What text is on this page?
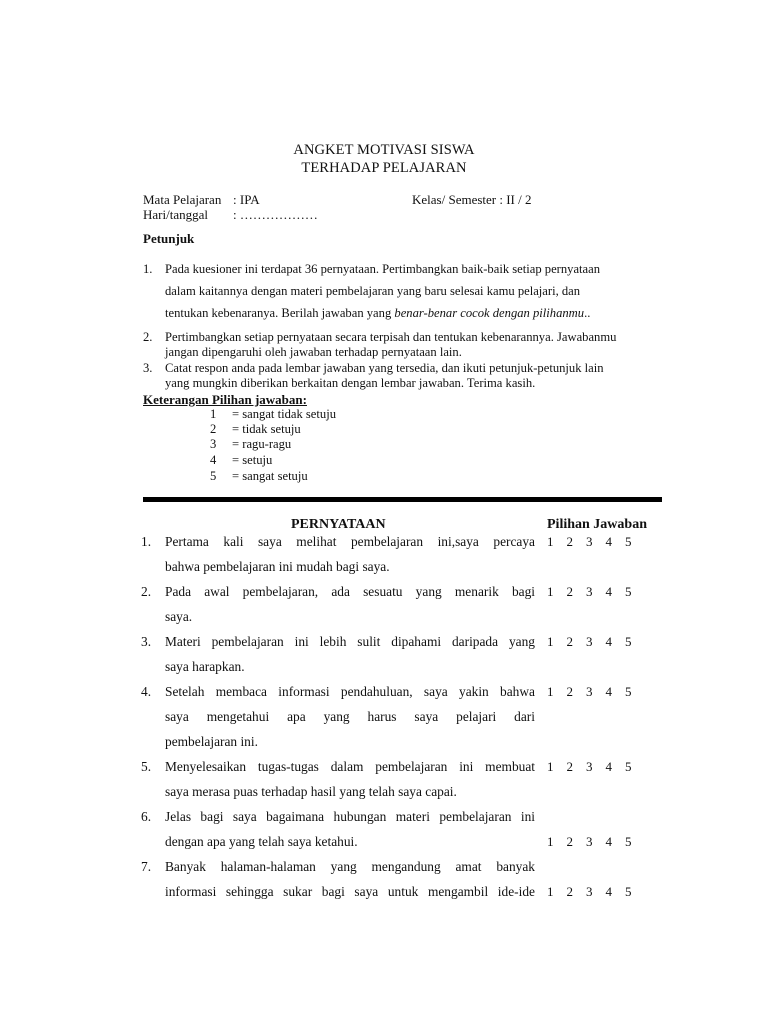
ANGKET MOTIVASI SISWA
TERHADAP PELAJARAN
Mata Pelajaran : IPA	Kelas/ Semester : II / 2
Hari/tanggal : ………………
Petunjuk
1. Pada kuesioner ini terdapat 36 pernyataan. Pertimbangkan baik-baik setiap pernyataan
dalam kaitannya dengan materi pembelajaran yang baru selesai kamu pelajari, dan
tentukan kebenaranya. Berilah jawaban yang benar-benar cocok dengan pilihanmu..
2. Pertimbangkan setiap pernyataan secara terpisah dan tentukan kebenarannya. Jawabanmu
jangan dipengaruhi oleh jawaban terhadap pernyataan lain.
3. Catat respon anda pada lembar jawaban yang tersedia, dan ikuti petunjuk-petunjuk lain
yang mungkin diberikan berkaitan dengan lembar jawaban. Terima kasih.
Keterangan Pilihan jawaban:
1 = sangat tidak setuju
2 = tidak setuju
3 = ragu-ragu
4 = setuju
5 = sangat setuju
PERNYATAAN	Pilihan Jawaban
1. Pertama kali saya melihat pembelajaran ini,saya percaya
bahwa pembelajaran ini mudah bagi saya.
1	2	3	4	5
2. Pada awal pembelajaran, ada sesuatu yang menarik bagi
saya.
1	2	3	4	5
3. Materi pembelajaran ini lebih sulit dipahami daripada yang
saya harapkan.
1	2	3	4	5
4. Setelah membaca informasi pendahuluan, saya yakin bahwa
saya mengetahui apa yang harus saya pelajari dari
pembelajaran ini.
1	2	3	4	5
5. Menyelesaikan tugas-tugas dalam pembelajaran ini membuat
saya merasa puas terhadap hasil yang telah saya capai.
1	2	3	4	5
6. Jelas bagi saya bagaimana hubungan materi pembelajaran ini
dengan apa yang telah saya ketahui.	1	2	3	4	5
7. Banyak halaman-halaman yang mengandung amat banyak
informasi sehingga sukar bagi saya untuk mengambil ide-ide 1	2	3	4	5
